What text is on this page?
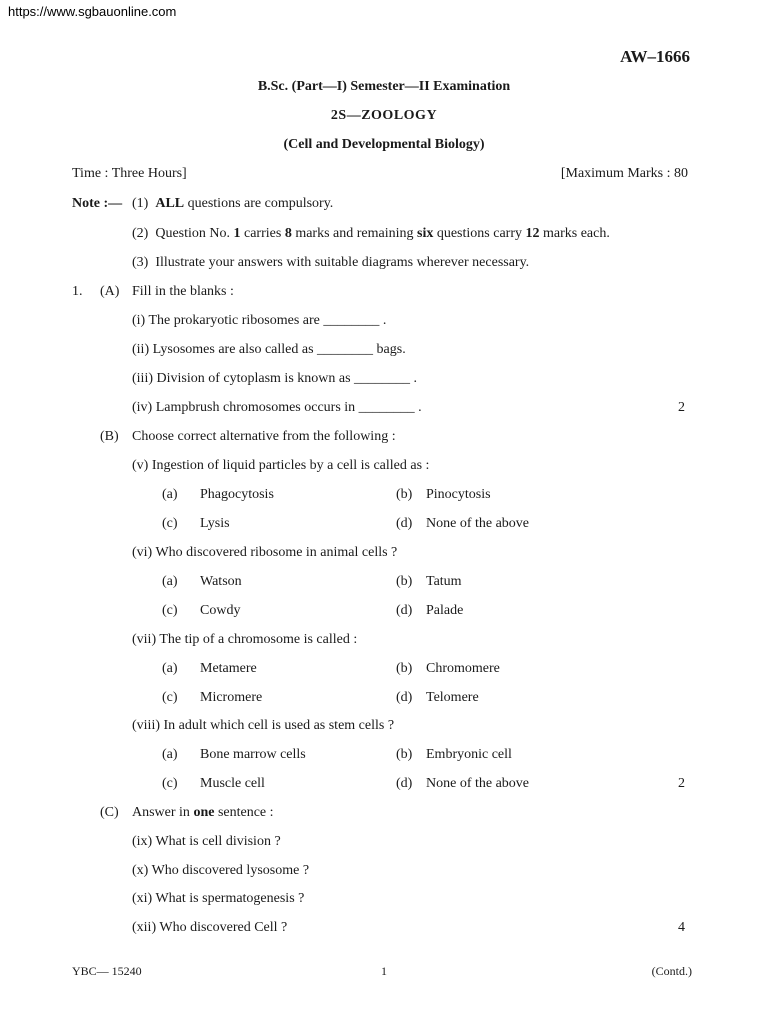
https://www.sgbauonline.com
AW–1666
B.Sc. (Part—I) Semester—II Examination
2S—ZOOLOGY
(Cell and Developmental Biology)
Time : Three Hours]	[Maximum Marks : 80
Note :— (1) ALL questions are compulsory.
(2) Question No. 1 carries 8 marks and remaining six questions carry 12 marks each.
(3) Illustrate your answers with suitable diagrams wherever necessary.
1. (A) Fill in the blanks :
(i) The prokaryotic ribosomes are ________ .
(ii) Lysosomes are also called as ________ bags.
(iii) Division of cytoplasm is known as ________ .
(iv) Lampbrush chromosomes occurs in ________ .	2
(B) Choose correct alternative from the following :
(v) Ingestion of liquid particles by a cell is called as :
(a) Phagocytosis	(b) Pinocytosis
(c) Lysis	(d) None of the above
(vi) Who discovered ribosome in animal cells ?
(a) Watson	(b) Tatum
(c) Cowdy	(d) Palade
(vii) The tip of a chromosome is called :
(a) Metamere	(b) Chromomere
(c) Micromere	(d) Telomere
(viii) In adult which cell is used as stem cells ?
(a) Bone marrow cells	(b) Embryonic cell
(c) Muscle cell	(d) None of the above	2
(C) Answer in one sentence :
(ix) What is cell division ?
(x) Who discovered lysosome ?
(xi) What is spermatogenesis ?
(xii) Who discovered Cell ?	4
YBC— 15240	1	(Contd.)
